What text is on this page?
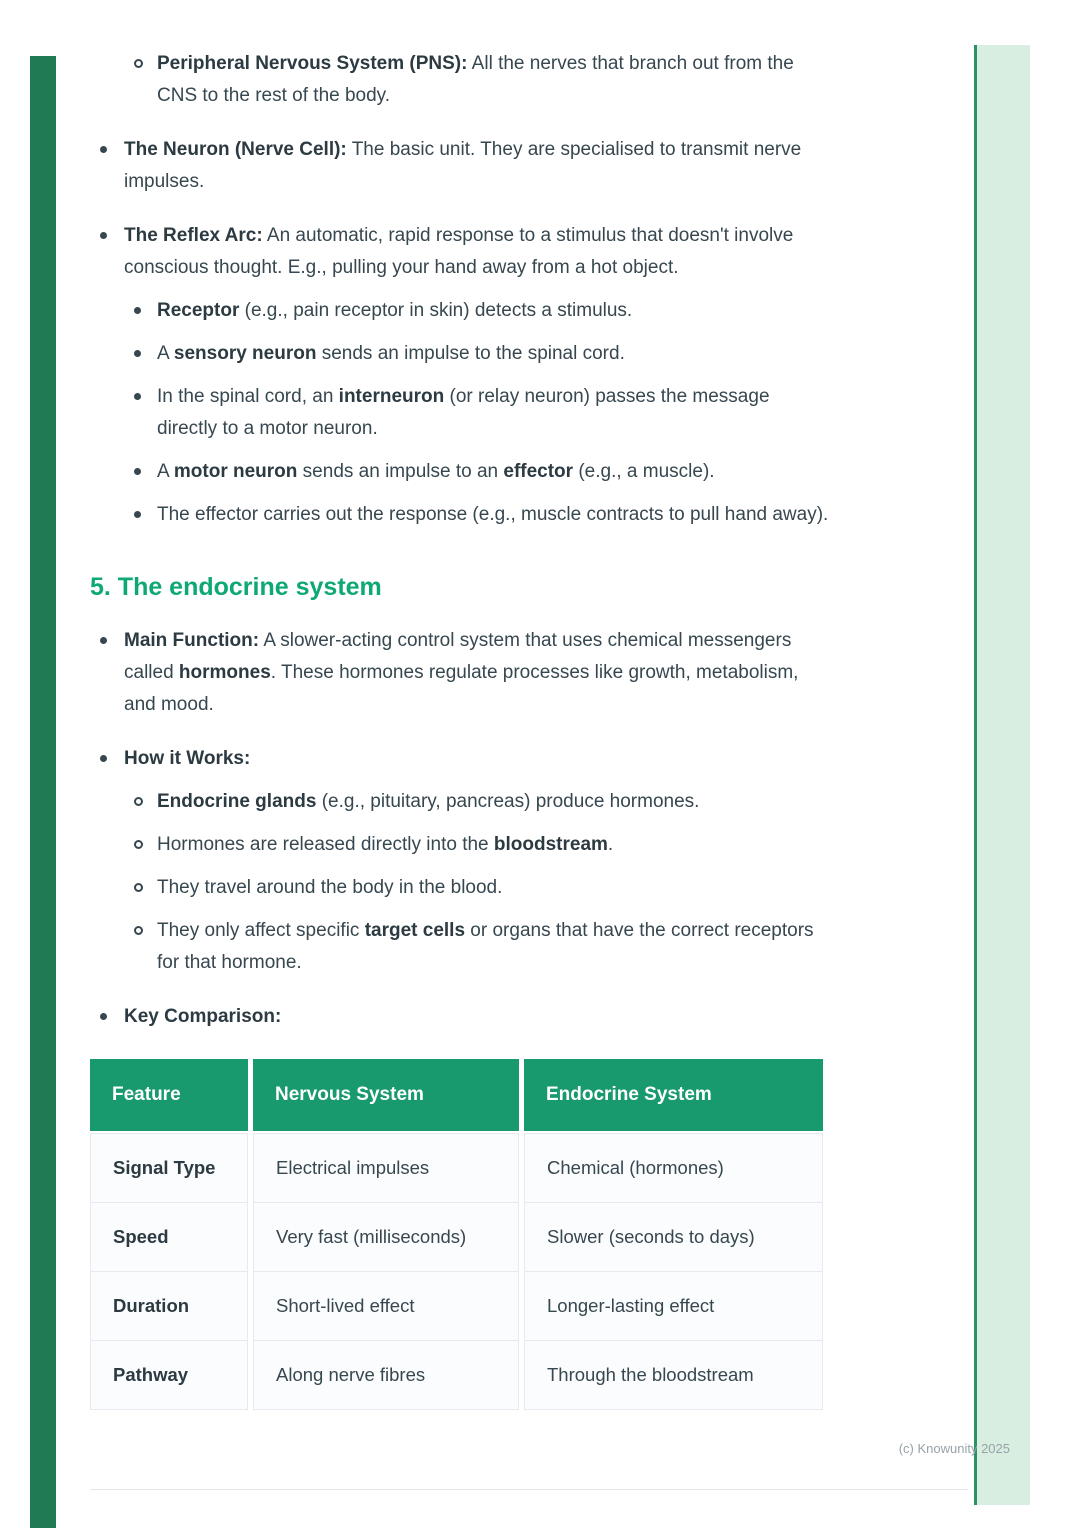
Peripheral Nervous System (PNS): All the nerves that branch out from the CNS to the rest of the body.
The Neuron (Nerve Cell): The basic unit. They are specialised to transmit nerve impulses.
The Reflex Arc: An automatic, rapid response to a stimulus that doesn't involve conscious thought. E.g., pulling your hand away from a hot object.
Receptor (e.g., pain receptor in skin) detects a stimulus.
A sensory neuron sends an impulse to the spinal cord.
In the spinal cord, an interneuron (or relay neuron) passes the message directly to a motor neuron.
A motor neuron sends an impulse to an effector (e.g., a muscle).
The effector carries out the response (e.g., muscle contracts to pull hand away).
5. The endocrine system
Main Function: A slower-acting control system that uses chemical messengers called hormones. These hormones regulate processes like growth, metabolism, and mood.
How it Works:
Endocrine glands (e.g., pituitary, pancreas) produce hormones.
Hormones are released directly into the bloodstream.
They travel around the body in the blood.
They only affect specific target cells or organs that have the correct receptors for that hormone.
Key Comparison:
Feature	Nervous System	Endocrine System
Signal Type	Electrical impulses	Chemical (hormones)
Speed	Very fast (milliseconds)	Slower (seconds to days)
Duration	Short-lived effect	Longer-lasting effect
Pathway	Along nerve fibres	Through the bloodstream
(c) Knowunity 2025
